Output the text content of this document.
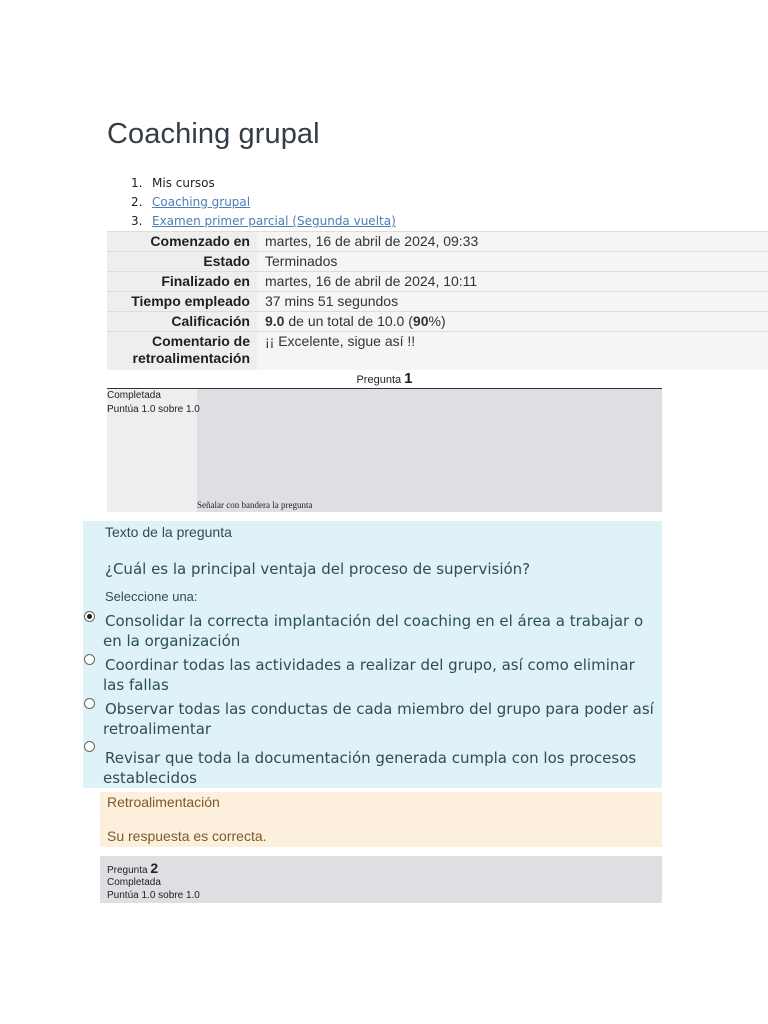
Coaching grupal
1. Mis cursos
2. Coaching grupal
3. Examen primer parcial (Segunda vuelta)
Comenzado en	martes, 16 de abril de 2024, 09:33
Estado	Terminados
Finalizado en	martes, 16 de abril de 2024, 10:11
Tiempo empleado	37 mins 51 segundos
Calificación	9.0 de un total de 10.0 (90%)
Comentario de
retroalimentación	¡¡ Excelente, sigue así !!
Pregunta 1
Completada
Puntúa 1.0 sobre 1.0
Señalar con bandera la pregunta
Texto de la pregunta
¿Cuál es la principal ventaja del proceso de supervisión?
Seleccione una:
Consolidar la correcta implantación del coaching en el área a trabajar o
en la organización
Coordinar todas las actividades a realizar del grupo, así como eliminar
las fallas
Observar todas las conductas de cada miembro del grupo para poder así
retroalimentar
Revisar que toda la documentación generada cumpla con los procesos
establecidos
Retroalimentación
Su respuesta es correcta.
Pregunta 2
Completada
Puntúa 1.0 sobre 1.0
